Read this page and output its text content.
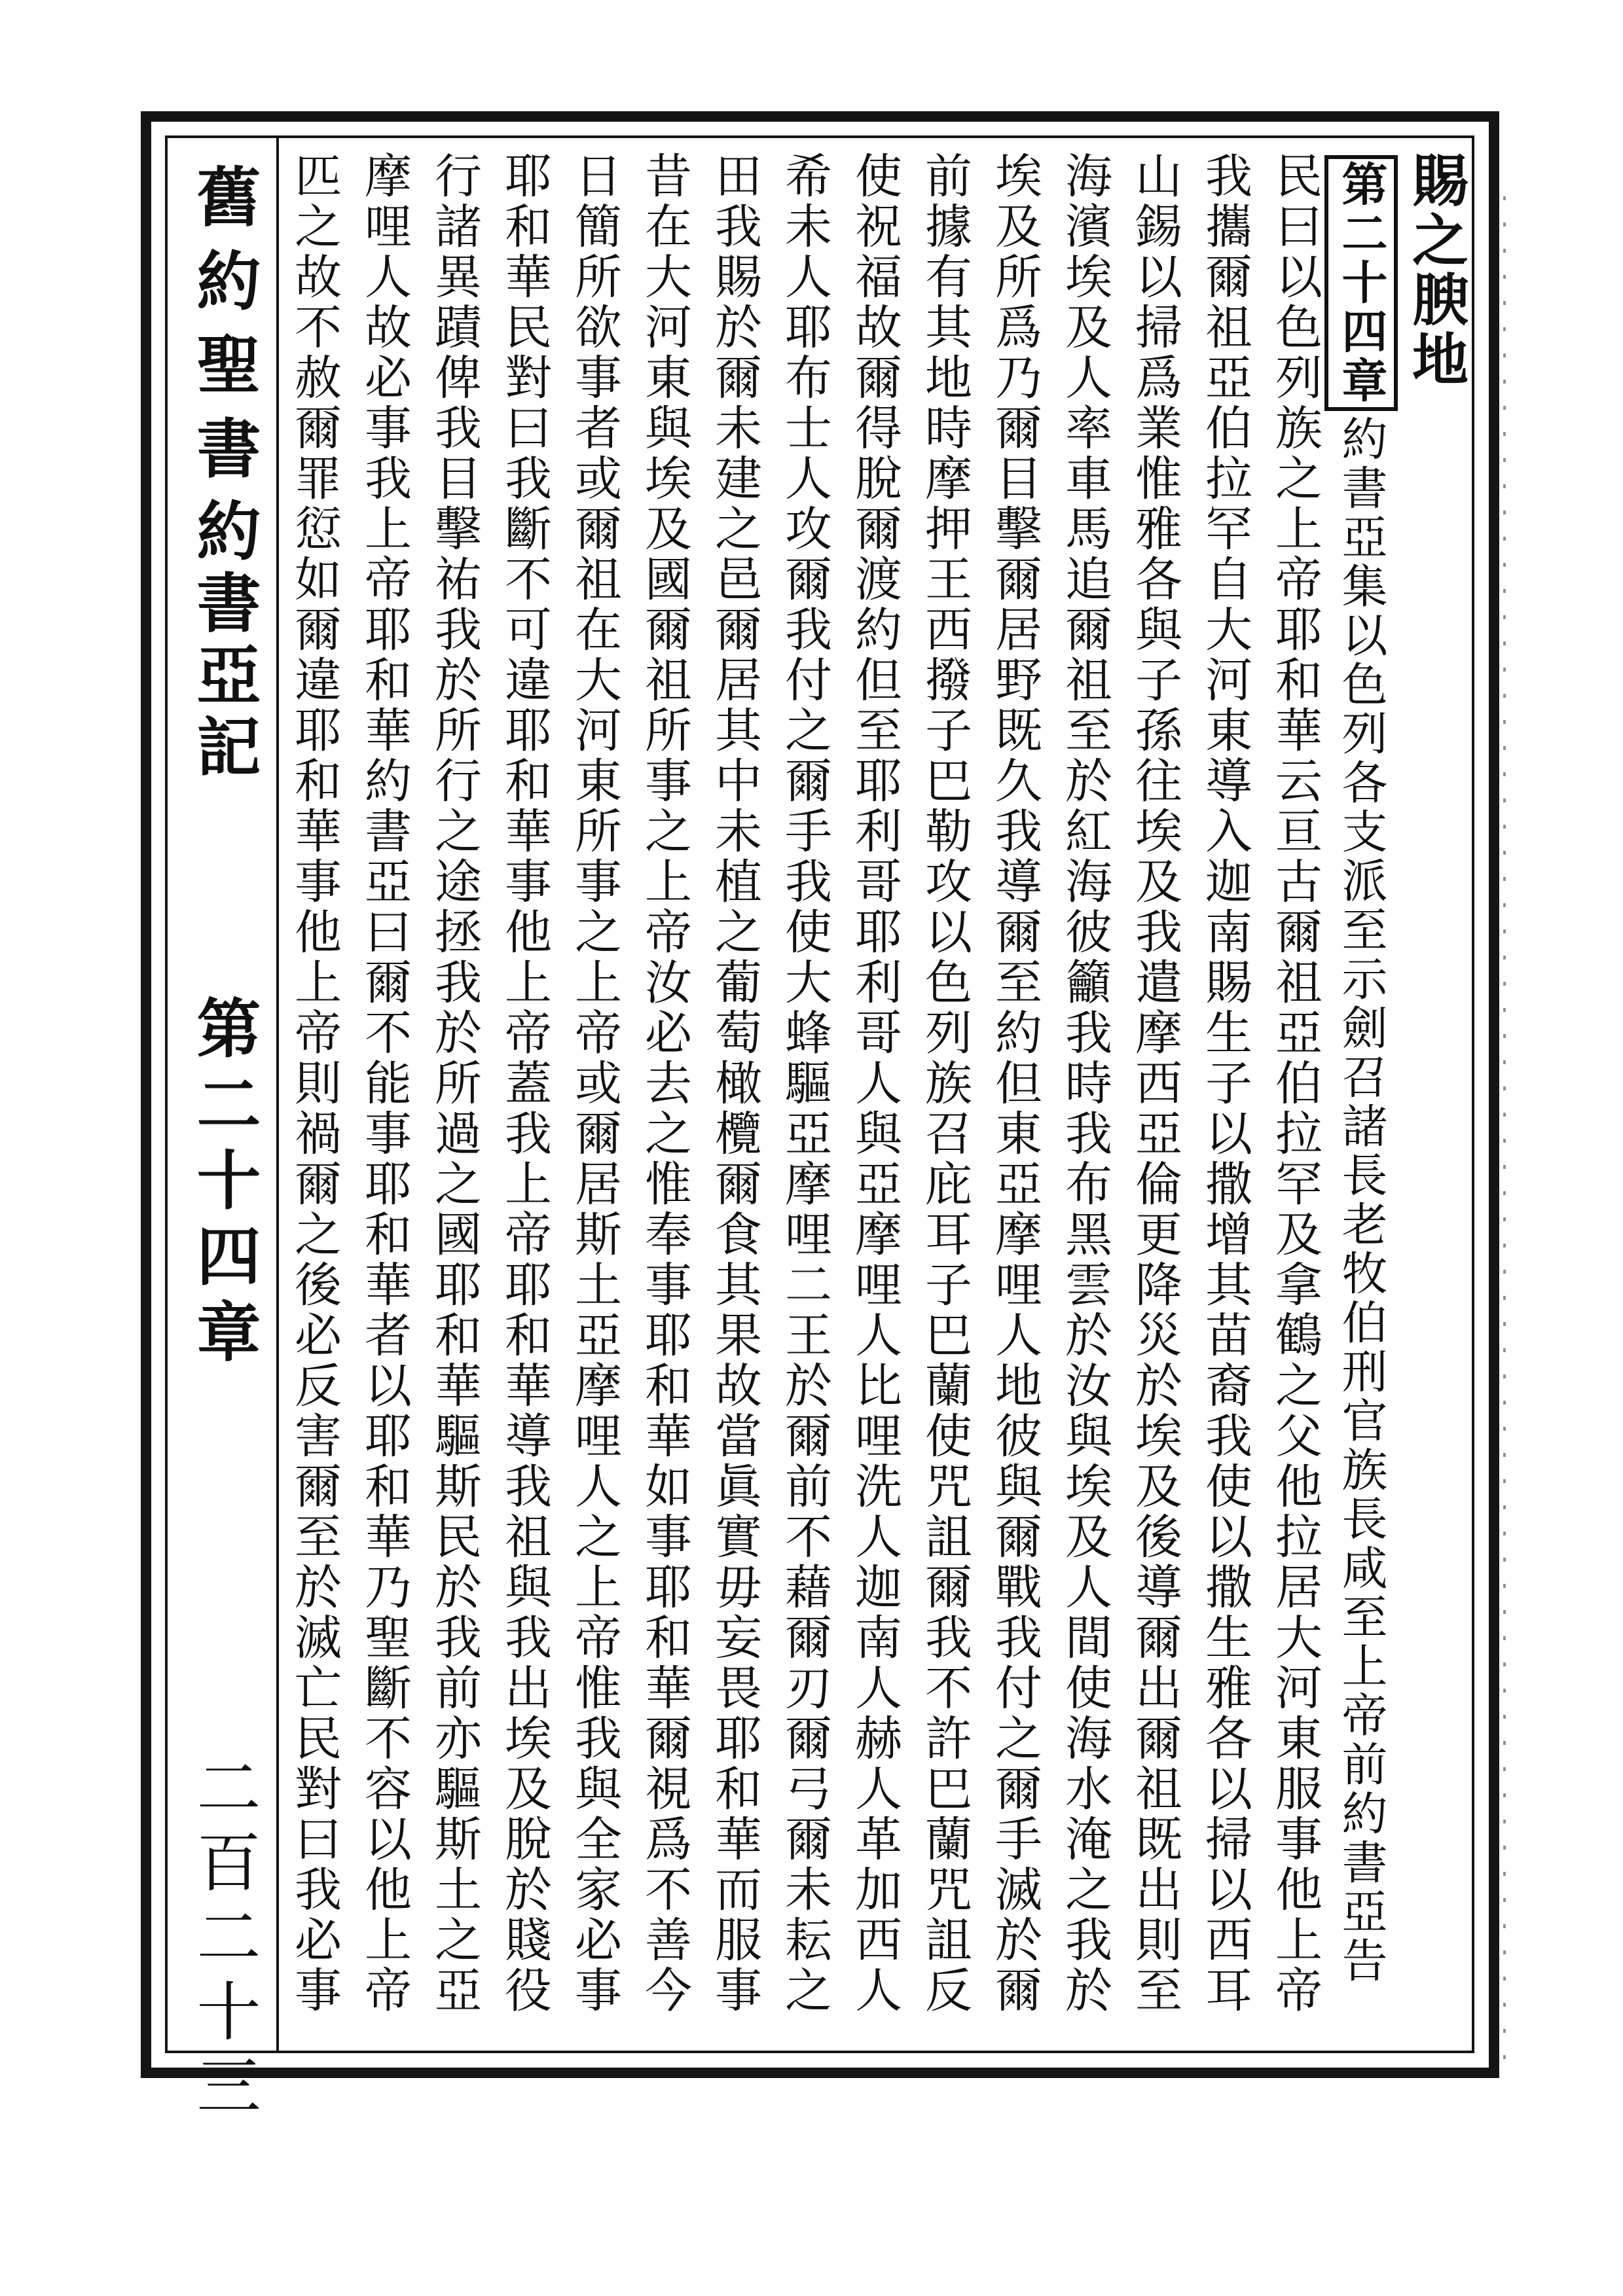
舊約聖書
約書亞記
第二十四章
二百二十三 匹之故不赦爾罪愆如爾違耶和華事他上帝則禍爾之後必反害爾至於滅亡民對曰我必事 摩哩人故必事我上帝耶和華約書亞曰爾不能事耶和華者以耶和華乃聖斷不容以他上帝 行諸異蹟俾我目擊祐我於所行之途拯我於所過之國耶和華驅斯民於我前亦驅斯土之亞 耶和華民對曰我斷不可違耶和華事他上帝蓋我上帝耶和華導我祖與我出埃及脫於賤役 日簡所欲事者或爾祖在大河東所事之上帝或爾居斯土亞摩哩人之上帝惟我與全家必事 昔在大河東與埃及國爾祖所事之上帝汝必去之惟奉事耶和華如事耶和華爾視爲不善今 田我賜於爾未建之邑爾居其中未植之葡萄橄欖爾食其果故當眞實毋妄畏耶和華而服事 希未人耶布士人攻爾我付之爾手我使大蜂驅亞摩哩二王於爾前不藉爾刃爾弓爾未耘之 使祝福故爾得脫爾渡約但至耶利哥耶利哥人與亞摩哩人比哩洗人迦南人赫人革加西人 前據有其地時摩押王西撥子巴勒攻以色列族召庇耳子巴蘭使咒詛爾我不許巴蘭咒詛反 埃及所爲乃爾目擊爾居野既久我導爾至約但東亞摩哩人地彼與爾戰我付之爾手滅於爾 海濱埃及人率車馬追爾祖至於紅海彼籲我時我布黑雲於汝與埃及人間使海水淹之我於 山錫以掃爲業惟雅各與子孫往埃及我遣摩西亞倫更降災於埃及後導爾出爾祖既出則至 我攜爾祖亞伯拉罕自大河東導入迦南賜生子以撒增其苗裔我使以撒生雅各以掃以西耳 民曰以色列族之上帝耶和華云亘古爾祖亞伯拉罕及拿鶴之父他拉居大河東服事他上帝 第二十四章約書亞集以色列各支派至示劍召諸長老牧伯刑官族長咸至上帝前約書亞告
賜之腴地
